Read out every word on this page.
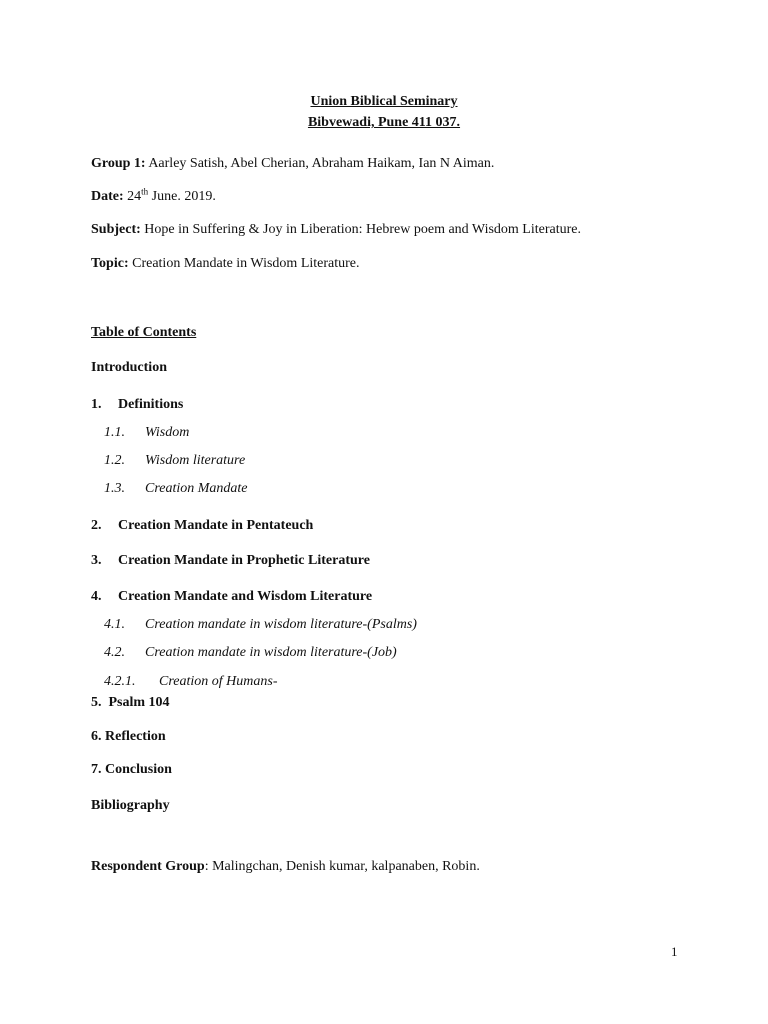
Union Biblical Seminary
Bibvewadi, Pune 411 037.
Group 1: Aarley Satish, Abel Cherian, Abraham Haikam, Ian N Aiman.
Date: 24th June. 2019.
Subject: Hope in Suffering & Joy in Liberation: Hebrew poem and Wisdom Literature.
Topic: Creation Mandate in Wisdom Literature.
Table of Contents
Introduction
1. Definitions
1.1. Wisdom
1.2. Wisdom literature
1.3. Creation Mandate
2. Creation Mandate in Pentateuch
3. Creation Mandate in Prophetic Literature
4. Creation Mandate and Wisdom Literature
4.1. Creation mandate in wisdom literature-(Psalms)
4.2. Creation mandate in wisdom literature-(Job)
4.2.1. Creation of Humans-
5.  Psalm 104
6. Reflection
7. Conclusion
Bibliography
Respondent Group: Malingchan, Denish kumar, kalpanaben, Robin.
1
